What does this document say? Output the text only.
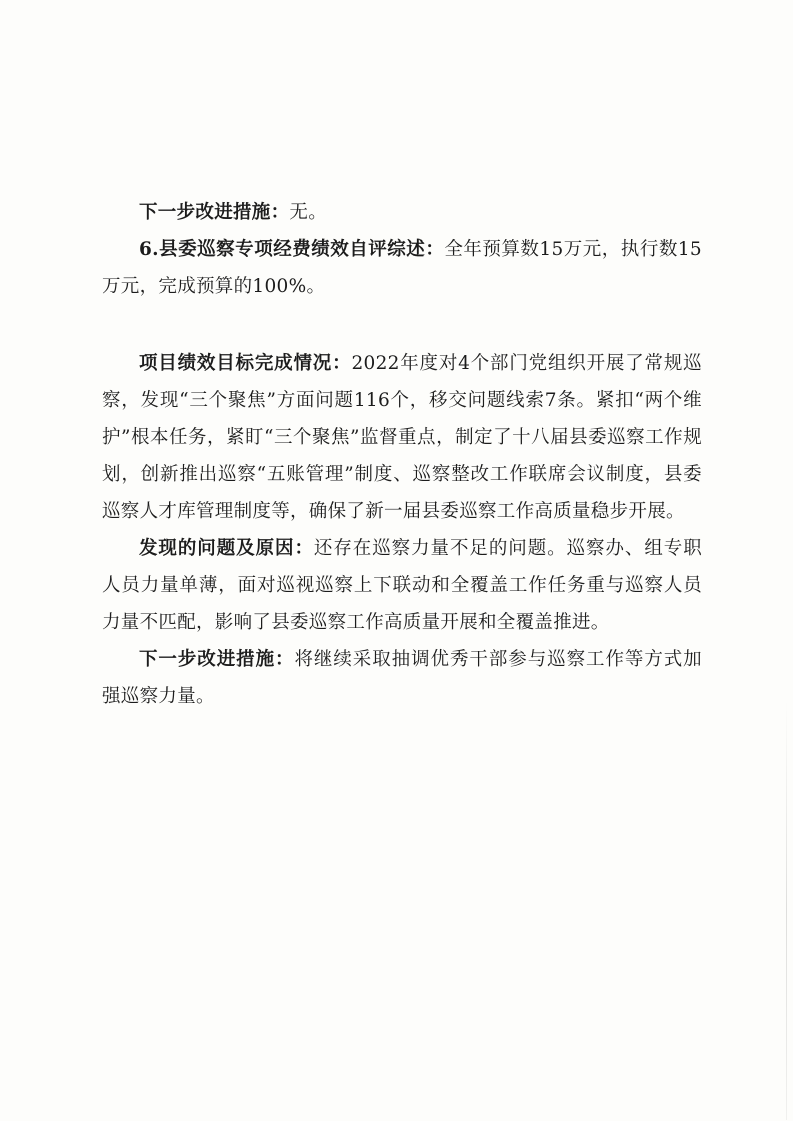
下一步改进措施：无。

6.县委巡察专项经费绩效自评综述：全年预算数15万元，执行数15万元，完成预算的100%。

项目绩效目标完成情况：2022年度对4个部门党组织开展了常规巡察，发现“三个聚焦”方面问题116个，移交问题线索7条。紧扣“两个维护”根本任务，紧盯“三个聚焦”监督重点，制定了十八届县委巡察工作规划，创新推出巡察“五账管理”制度、巡察整改工作联席会议制度，县委巡察人才库管理制度等，确保了新一届县委巡察工作高质量稳步开展。

发现的问题及原因：还存在巡察力量不足的问题。巡察办、组专职人员力量单薄，面对巡视巡察上下联动和全覆盖工作任务重与巡察人员力量不匹配，影响了县委巡察工作高质量开展和全覆盖推进。

下一步改进措施：将继续采取抽调优秀干部参与巡察工作等方式加强巡察力量。
